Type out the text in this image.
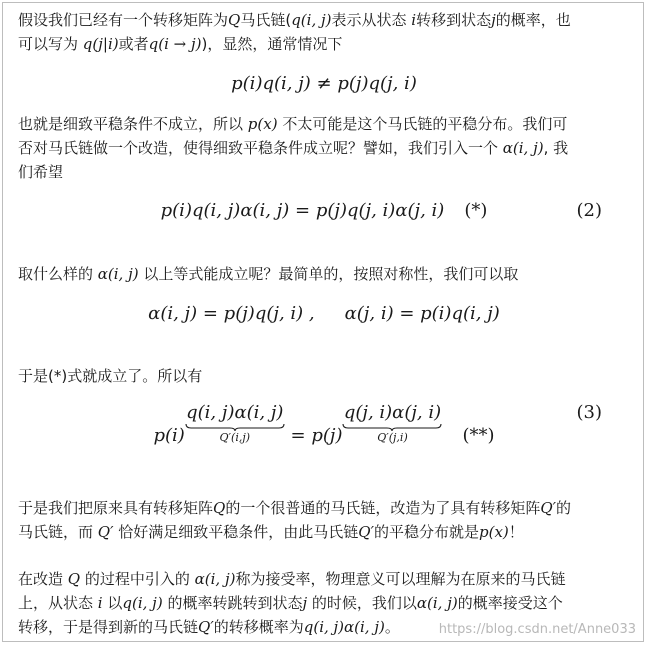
假设我们已经有一个转移矩阵为Q马氏链(q(i, j)表示从状态 i转移到状态j的概率，也
可以写为 q(j|i)或者q(i → j))，显然，通常情况下
p(i)q(i, j) ≠ p(j)q(j, i)
也就是细致平稳条件不成立，所以 p(x) 不太可能是这个马氏链的平稳分布。我们可
否对马氏链做一个改造，使得细致平稳条件成立呢？譬如，我们引入一个 α(i, j), 我
们希望
p(i)q(i, j)α(i, j) = p(j)q(j, i)α(j, i) (*)	(2)
取什么样的 α(i, j) 以上等式能成立呢？最简单的，按照对称性，我们可以取
α(i, j) = p(j)q(j, i) , α(j, i) = p(i)q(i, j)
于是(*)式就成立了。所以有
p(i)q(i, j)α(i, j)
Q′(i,j)	= p(j)q(j, i)α(j, i)
Q′(j,i)	(**)
(3)
于是我们把原来具有转移矩阵Q的一个很普通的马氏链，改造为了具有转移矩阵Q′的
马氏链，而 Q′ 恰好满足细致平稳条件，由此马氏链Q′的平稳分布就是p(x)！
在改造 Q 的过程中引入的 α(i, j)称为接受率，物理意义可以理解为在原来的马氏链
上，从状态 i 以q(i, j) 的概率转跳转到状态j 的时候，我们以α(i, j)的概率接受这个
转移，于是得到新的马氏链Q′的转移概率为q(i, j)α(i, j)。	https://blog.csdn.net/Anne033
